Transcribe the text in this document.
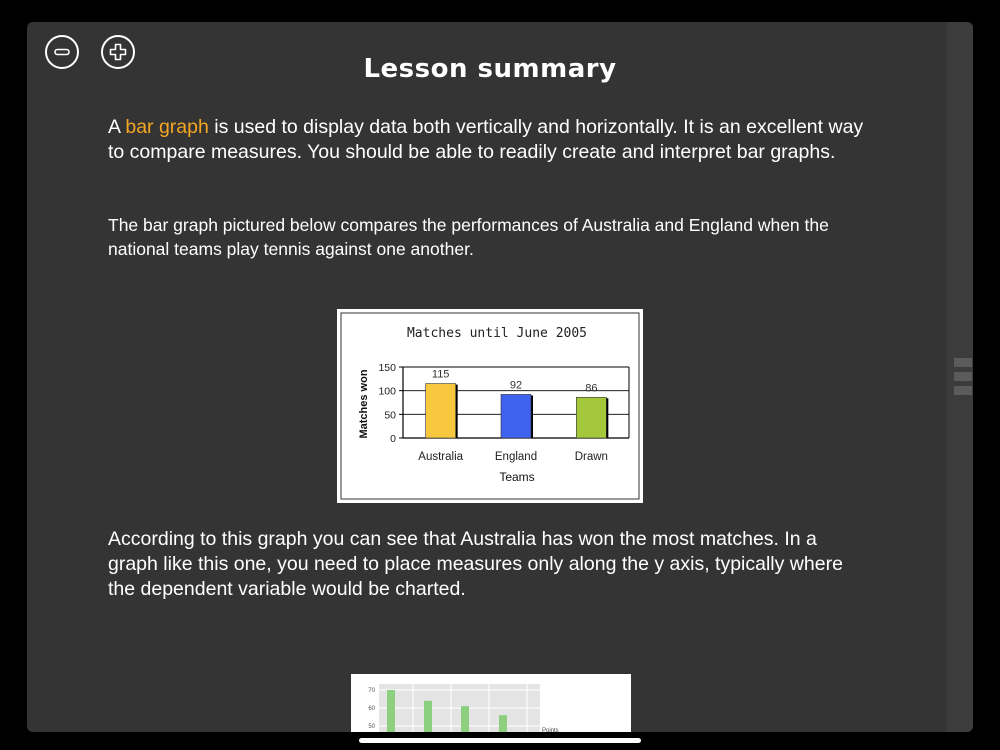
Lesson summary

A bar graph is used to display data both vertically and horizontally. It is an excellent way to compare measures. You should be able to readily create and interpret bar graphs.

The bar graph pictured below compares the performances of Australia and England when the national teams play tennis against one another.

Matches until June 2005
Matches won
Teams
0
50
100
150
115
Australia
92
England
86
Drawn

According to this graph you can see that Australia has won the most matches. In a graph like this one, you need to place measures only along the y axis, typically where the dependent variable would be charted.

70
60
50
Points
